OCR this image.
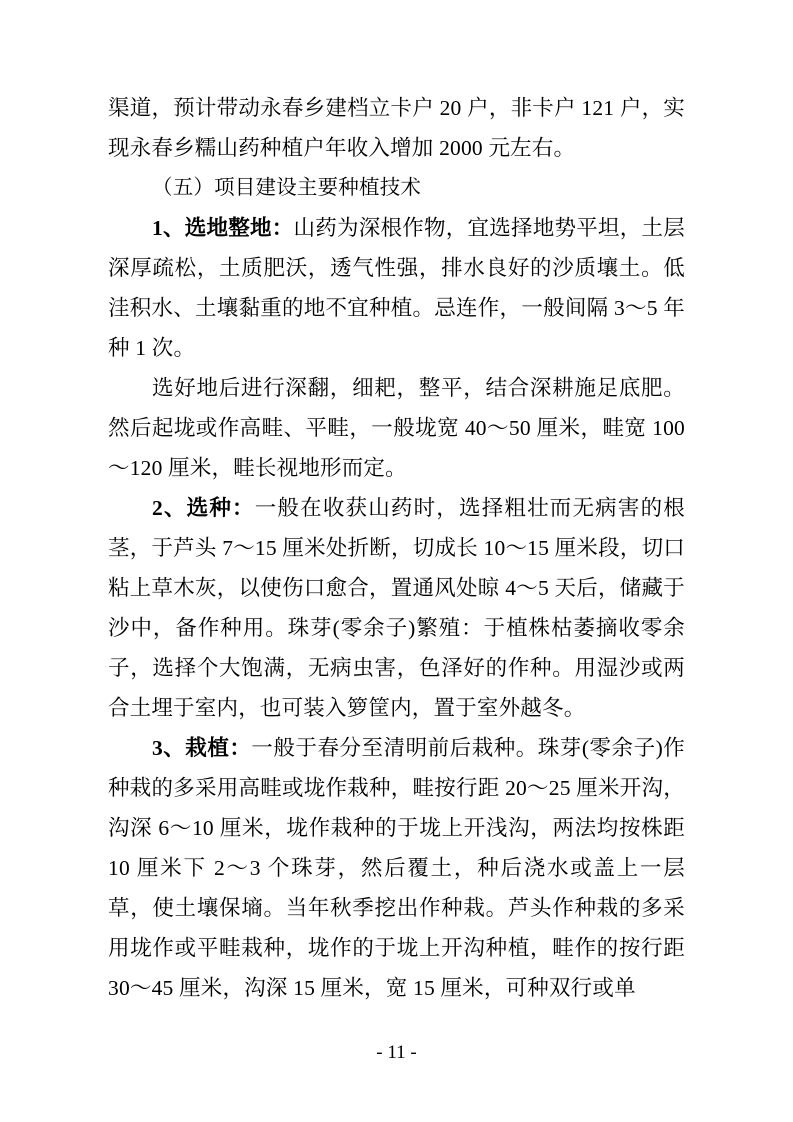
渠道，预计带动永春乡建档立卡户 20 户，非卡户 121 户，实现永春乡糯山药种植户年收入增加 2000 元左右。

（五）项目建设主要种植技术

1、选地整地：山药为深根作物，宜选择地势平坦，土层深厚疏松，土质肥沃，透气性强，排水良好的沙质壤土。低洼积水、土壤黏重的地不宜种植。忌连作，一般间隔 3～5 年种 1 次。

选好地后进行深翻，细耙，整平，结合深耕施足底肥。然后起垅或作高畦、平畦，一般垅宽 40～50 厘米，畦宽 100～120 厘米，畦长视地形而定。

2、选种：一般在收获山药时，选择粗壮而无病害的根茎，于芦头 7～15 厘米处折断，切成长 10～15 厘米段，切口粘上草木灰，以使伤口愈合，置通风处晾 4～5 天后，储藏于沙中，备作种用。珠芽(零余子)繁殖：于植株枯萎摘收零余子，选择个大饱满，无病虫害，色泽好的作种。用湿沙或两合土埋于室内，也可装入箩筐内，置于室外越冬。

3、栽植：一般于春分至清明前后栽种。珠芽(零余子)作种栽的多采用高畦或垅作栽种，畦按行距 20～25 厘米开沟，沟深 6～10 厘米，垅作栽种的于垅上开浅沟，两法均按株距 10 厘米下 2～3 个珠芽，然后覆土，种后浇水或盖上一层草，使土壤保墒。当年秋季挖出作种栽。芦头作种栽的多采用垅作或平畦栽种，垅作的于垅上开沟种植，畦作的按行距 30～45 厘米，沟深 15 厘米，宽 15 厘米，可种双行或单

- 11 -
